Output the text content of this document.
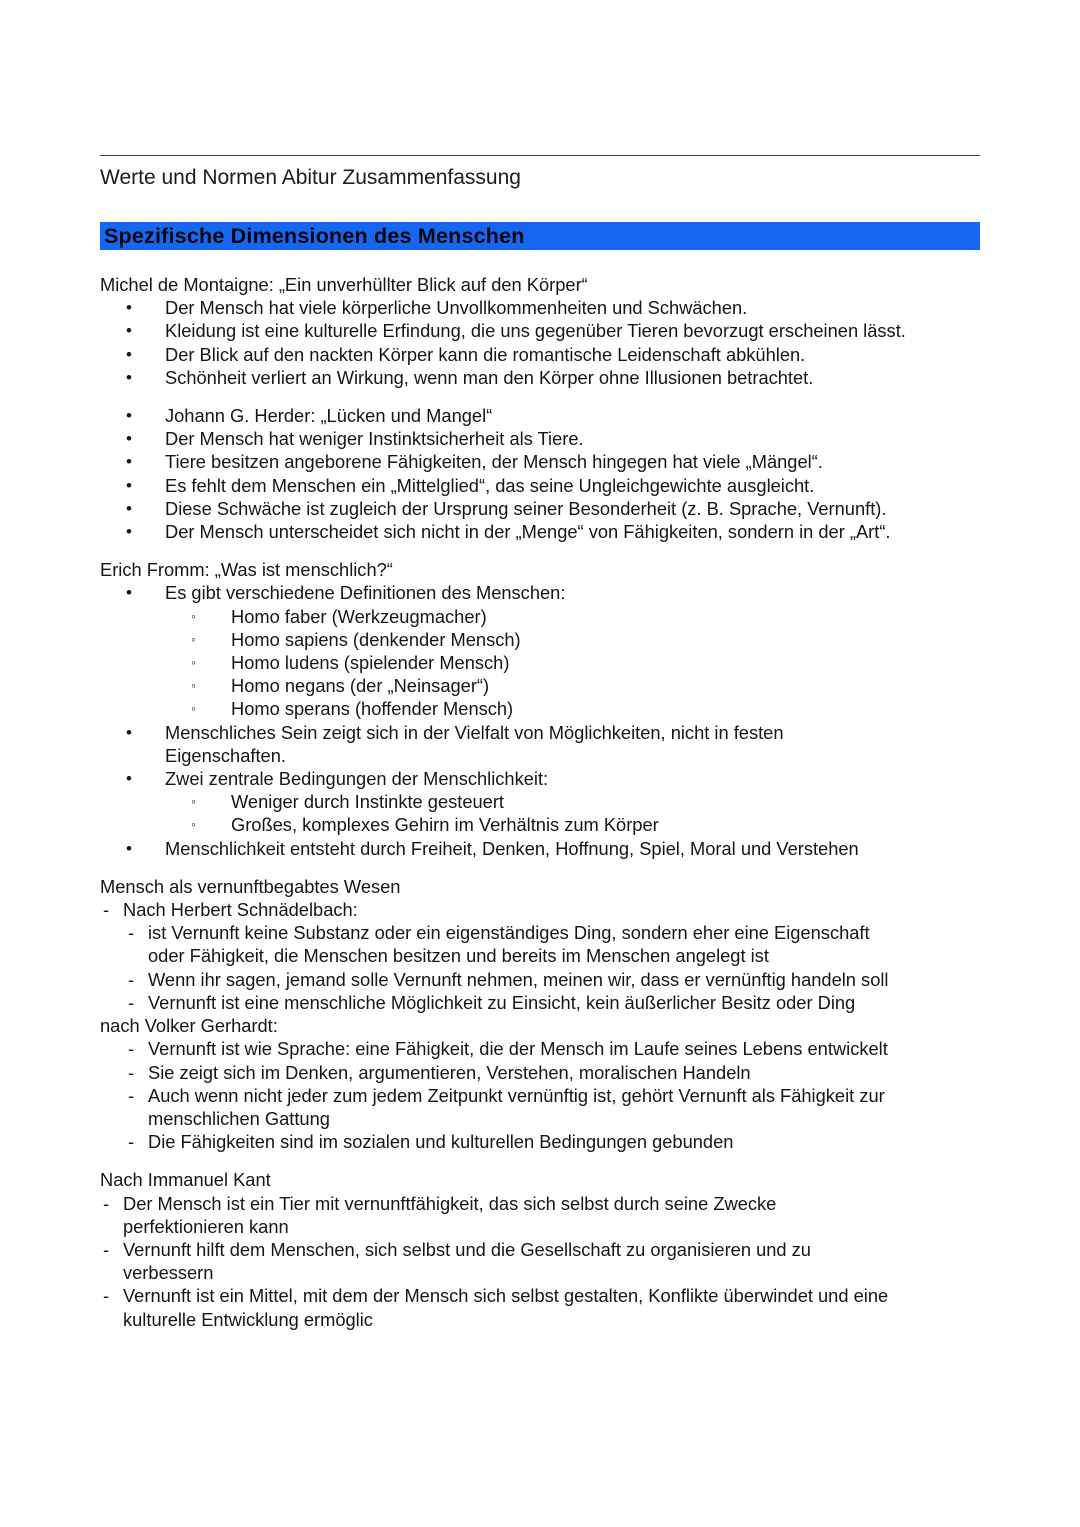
Werte und Normen Abitur Zusammenfassung
Spezifische Dimensionen des Menschen
Michel de Montaigne: „Ein unverhüllter Blick auf den Körper“
•	Der Mensch hat viele körperliche Unvollkommenheiten und Schwächen.
•	Kleidung ist eine kulturelle Erfindung, die uns gegenüber Tieren bevorzugt erscheinen lässt.
•	Der Blick auf den nackten Körper kann die romantische Leidenschaft abkühlen.
•	Schönheit verliert an Wirkung, wenn man den Körper ohne Illusionen betrachtet.
•	Johann G. Herder: „Lücken und Mangel“
•	Der Mensch hat weniger Instinktsicherheit als Tiere.
•	Tiere besitzen angeborene Fähigkeiten, der Mensch hingegen hat viele „Mängel“.
•	Es fehlt dem Menschen ein „Mittelglied“, das seine Ungleichgewichte ausgleicht.
•	Diese Schwäche ist zugleich der Ursprung seiner Besonderheit (z. B. Sprache, Vernunft).
•	Der Mensch unterscheidet sich nicht in der „Menge“ von Fähigkeiten, sondern in der „Art“.
Erich Fromm: „Was ist menschlich?“
•	Es gibt verschiedene Definitionen des Menschen:
◦	Homo faber (Werkzeugmacher)
◦	Homo sapiens (denkender Mensch)
◦	Homo ludens (spielender Mensch)
◦	Homo negans (der „Neinsager“)
◦	Homo sperans (hoffender Mensch)
•	Menschliches Sein zeigt sich in der Vielfalt von Möglichkeiten, nicht in festen
Eigenschaften.
•	Zwei zentrale Bedingungen der Menschlichkeit:
◦	Weniger durch Instinkte gesteuert
◦	Großes, komplexes Gehirn im Verhältnis zum Körper
•	Menschlichkeit entsteht durch Freiheit, Denken, Hoffnung, Spiel, Moral und Verstehen
Mensch als vernunftbegabtes Wesen
- Nach Herbert Schnädelbach:
- ist Vernunft keine Substanz oder ein eigenständiges Ding, sondern eher eine Eigenschaft
oder Fähigkeit, die Menschen besitzen und bereits im Menschen angelegt ist
- Wenn ihr sagen, jemand solle Vernunft nehmen, meinen wir, dass er vernünftig handeln soll
- Vernunft ist eine menschliche Möglichkeit zu Einsicht, kein äußerlicher Besitz oder Ding
nach Volker Gerhardt:
- Vernunft ist wie Sprache: eine Fähigkeit, die der Mensch im Laufe seines Lebens entwickelt
- Sie zeigt sich im Denken, argumentieren, Verstehen, moralischen Handeln
- Auch wenn nicht jeder zum jedem Zeitpunkt vernünftig ist, gehört Vernunft als Fähigkeit zur
menschlichen Gattung
- Die Fähigkeiten sind im sozialen und kulturellen Bedingungen gebunden
Nach Immanuel Kant
- Der Mensch ist ein Tier mit vernunftfähigkeit, das sich selbst durch seine Zwecke
perfektionieren kann
- Vernunft hilft dem Menschen, sich selbst und die Gesellschaft zu organisieren und zu
verbessern
- Vernunft ist ein Mittel, mit dem der Mensch sich selbst gestalten, Konflikte überwindet und eine
kulturelle Entwicklung ermöglic
